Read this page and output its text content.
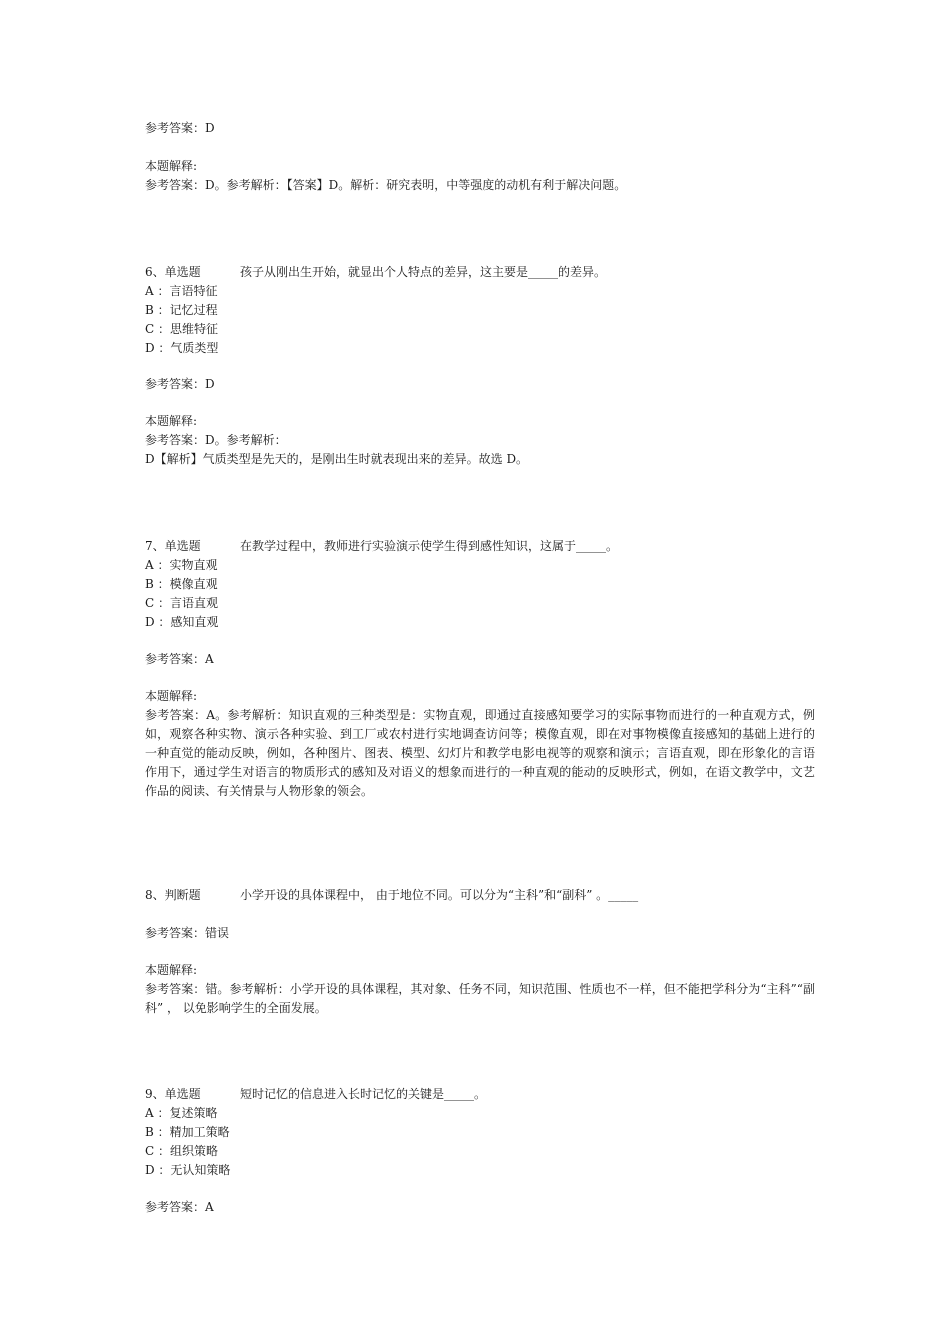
参考答案：D
本题解释:
参考答案：D。参考解析：【答案】D。解析：研究表明，中等强度的动机有利于解决问题。
6、单选题	孩子从刚出生开始，就显出个人特点的差异，这主要是_____的差异。
A ：言语特征
B ：记忆过程
C ：思维特征
D ：气质类型
参考答案：D
本题解释:
参考答案：D。参考解析：
D【解析】气质类型是先天的，是刚出生时就表现出来的差异。故选 D。
7、单选题	在教学过程中，教师进行实验演示使学生得到感性知识，这属于_____。
A ：实物直观
B ：模像直观
C ：言语直观
D ：感知直观
参考答案：A
本题解释:
参考答案：A。参考解析：知识直观的三种类型是：实物直观，即通过直接感知要学习的实际事物而进行的一种直观方式，例如，观察各种实物、演示各种实验、到工厂或农村进行实地调查访问等；模像直观，即在对事物模像直接感知的基础上进行的一种直觉的能动反映，例如，各种图片、图表、模型、幻灯片和教学电影电视等的观察和演示；言语直观，即在形象化的言语作用下，通过学生对语言的物质形式的感知及对语义的想象而进行的一种直观的能动的反映形式，例如，在语文教学中，文艺作品的阅读、有关情景与人物形象的领会。
8、判断题	小学开设的具体课程中， 由于地位不同。可以分为“主科”和“副科” 。_____
参考答案：错误
本题解释:
参考答案：错。参考解析：小学开设的具体课程，其对象、任务不同，知识范围、性质也不一样，但不能把学科分为“主科”“副科” ， 以免影响学生的全面发展。
9、单选题	短时记忆的信息进入长时记忆的关键是_____。
A ：复述策略
B ：精加工策略
C ：组织策略
D ：无认知策略
参考答案：A
